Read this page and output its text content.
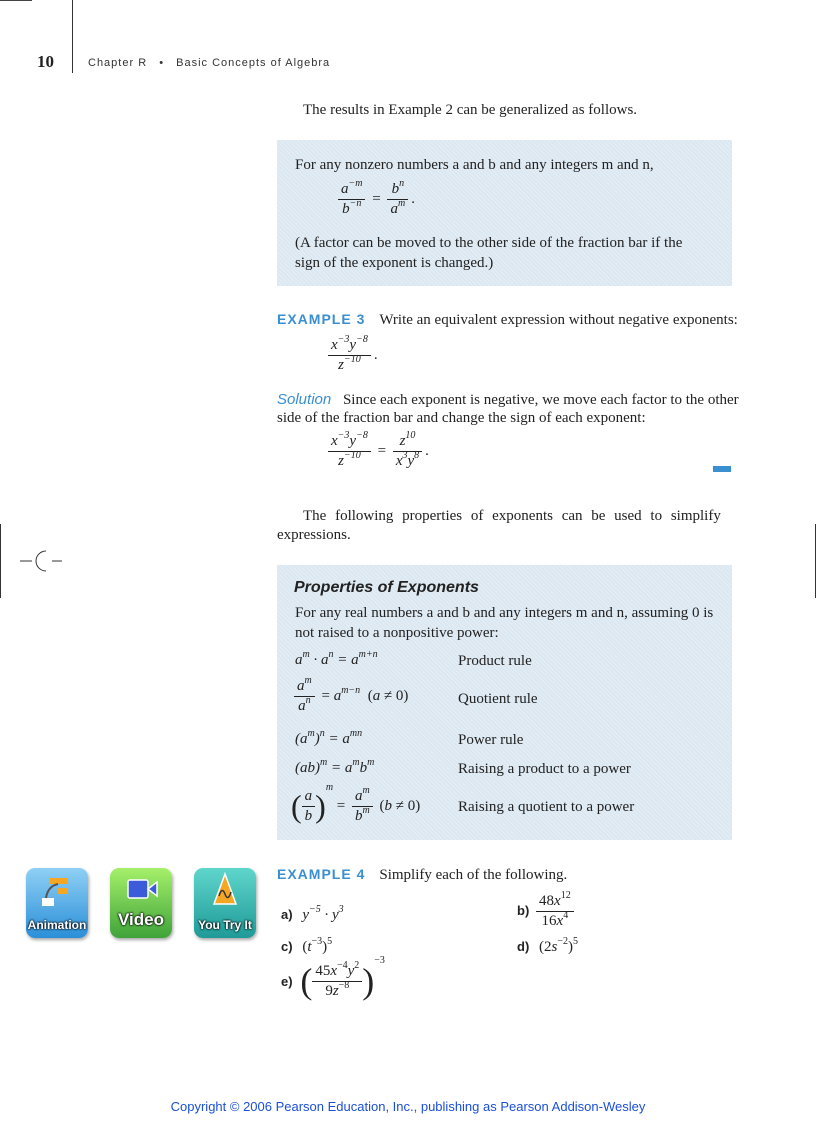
10	Chapter R • Basic Concepts of Algebra
The results in Example 2 can be generalized as follows.
For any nonzero numbers a and b and any integers m and n,
$\frac{a^{-m}}{b^{-n}} = \frac{b^n}{a^m}$ .
(A factor can be moved to the other side of the fraction bar if the
sign of the exponent is changed.)
EXAMPLE 3 Write an equivalent expression without negative exponents:
$\frac{x^{-3}y^{-8}}{z^{-10}}$ .
Solution Since each exponent is negative, we move each factor to the other
side of the fraction bar and change the sign of each exponent:
$\frac{x^{-3}y^{-8}}{z^{-10}} = \frac{z^{10}}{x^3y^8}$ .
The following properties of exponents can be used to simplify
expressions.
Properties of Exponents
For any real numbers a and b and any integers m and n, assuming 0 is
not raised to a nonpositive power:
$a^m \cdot a^n = a^{m+n}$	Product rule
$\frac{a^m}{a^n} = a^{m-n}$  (a ≠ 0)	Quotient rule
$(a^m)^n = a^{mn}$	Power rule
$(ab)^m = a^mb^m$	Raising a product to a power
( $\frac{a}{b} )^m = \frac{a^m}{b^m} (b \ne 0)$	Raising a quotient to a power
Animation	Video	You Try It
EXAMPLE 4 Simplify each of the following.
a) $y^{-5} \cdot y^3$	$b) \frac{48x^{12}}{16x^4}$
c) $(t^{-3})^5$	d) $(2s^{-2})^5$
e) ( $\frac{45x^{-4}y^2}{9z^{-8}} )^{-3}$
Copyright © 2006 Pearson Education, Inc., publishing as Pearson Addison-Wesley
